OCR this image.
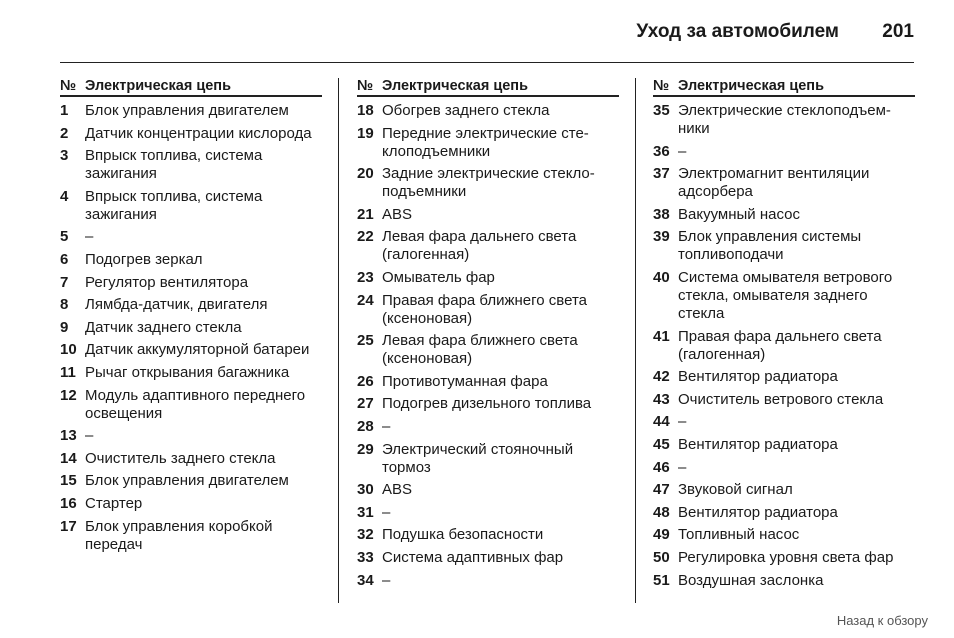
Уход за автомобилем 201
№ Электрическая цепь
1	Блок управления двигателем
2	Датчик концентрации кислорода
3	Впрыск топлива, система зажигания
4	Впрыск топлива, система зажигания
5	–
6	Подогрев зеркал
7	Регулятор вентилятора
8	Лямбда-датчик, двигателя
9	Датчик заднего стекла
10 Датчик аккумуляторной батареи
11 Рычаг открывания багажника
12 Модуль адаптивного переднего освещения
13 –
14 Очиститель заднего стекла
15 Блок управления двигателем
16 Стартер
17 Блок управления коробкой передач
№ Электрическая цепь
18 Обогрев заднего стекла
19 Передние электрические сте-клоподъемники
20 Задние электрические стекло-подъемники
21 ABS
22 Левая фара дальнего света (галогенная)
23 Омыватель фар
24 Правая фара ближнего света (ксеноновая)
25 Левая фара ближнего света (ксеноновая)
26 Противотуманная фара
27 Подогрев дизельного топлива
28 –
29 Электрический стояночный тормоз
30 ABS
31 –
32 Подушка безопасности
33 Система адаптивных фар
34 –
№ Электрическая цепь
35 Электрические стеклоподъем-ники
36 –
37 Электромагнит вентиляции адсорбера
38 Вакуумный насос
39 Блок управления системы топливоподачи
40 Система омывателя ветрового стекла, омывателя заднего стекла
41 Правая фара дальнего света (галогенная)
42 Вентилятор радиатора
43 Очиститель ветрового стекла
44 –
45 Вентилятор радиатора
46 –
47 Звуковой сигнал
48 Вентилятор радиатора
49 Топливный насос
50 Регулировка уровня света фар
51 Воздушная заслонка
Назад к обзору
